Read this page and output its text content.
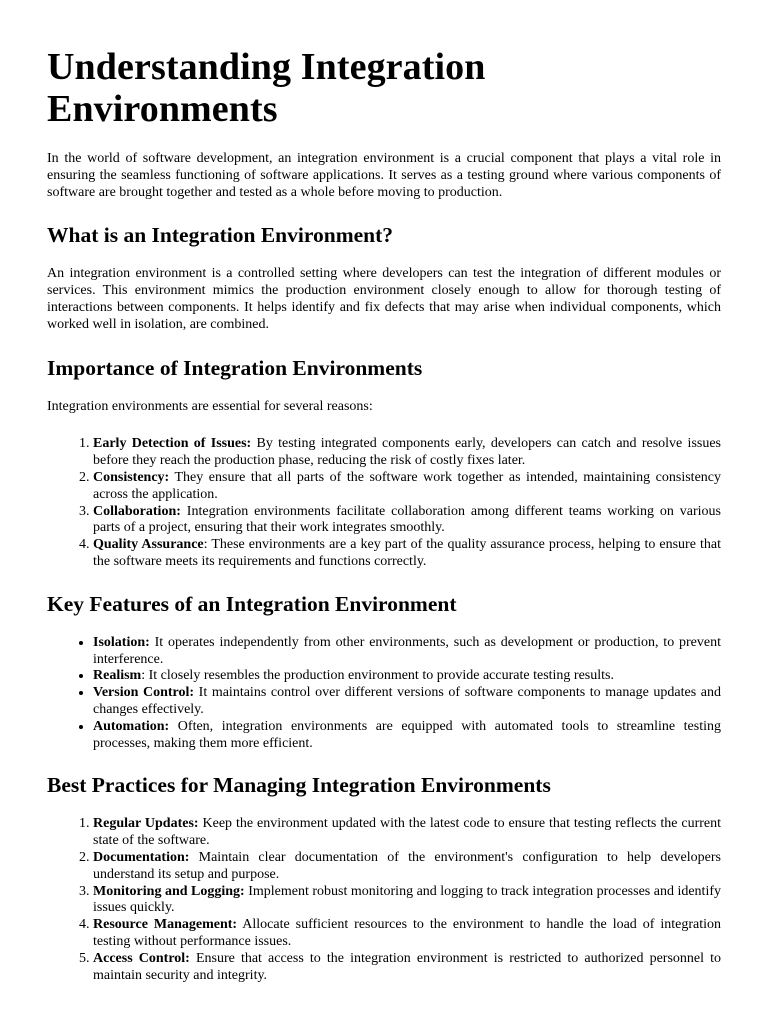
Understanding Integration Environments

In the world of software development, an integration environment is a crucial component that plays a vital role in ensuring the seamless functioning of software applications. It serves as a testing ground where various components of software are brought together and tested as a whole before moving to production.

What is an Integration Environment?

An integration environment is a controlled setting where developers can test the integration of different modules or services. This environment mimics the production environment closely enough to allow for thorough testing of interactions between components. It helps identify and fix defects that may arise when individual components, which worked well in isolation, are combined.

Importance of Integration Environments

Integration environments are essential for several reasons:

1. Early Detection of Issues: By testing integrated components early, developers can catch and resolve issues before they reach the production phase, reducing the risk of costly fixes later.
2. Consistency: They ensure that all parts of the software work together as intended, maintaining consistency across the application.
3. Collaboration: Integration environments facilitate collaboration among different teams working on various parts of a project, ensuring that their work integrates smoothly.
4. Quality Assurance: These environments are a key part of the quality assurance process, helping to ensure that the software meets its requirements and functions correctly.
Key Features of an Integration Environment
• Isolation: It operates independently from other environments, such as development or production, to prevent interference.
• Realism: It closely resembles the production environment to provide accurate testing results.
• Version Control: It maintains control over different versions of software components to manage updates and changes effectively.
• Automation: Often, integration environments are equipped with automated tools to streamline testing processes, making them more efficient.
Best Practices for Managing Integration Environments
1. Regular Updates: Keep the environment updated with the latest code to ensure that testing reflects the current state of the software.
2. Documentation: Maintain clear documentation of the environment's configuration to help developers understand its setup and purpose.
3. Monitoring and Logging: Implement robust monitoring and logging to track integration processes and identify issues quickly.
4. Resource Management: Allocate sufficient resources to the environment to handle the load of integration testing without performance issues.
5. Access Control: Ensure that access to the integration environment is restricted to authorized personnel to maintain security and integrity.
